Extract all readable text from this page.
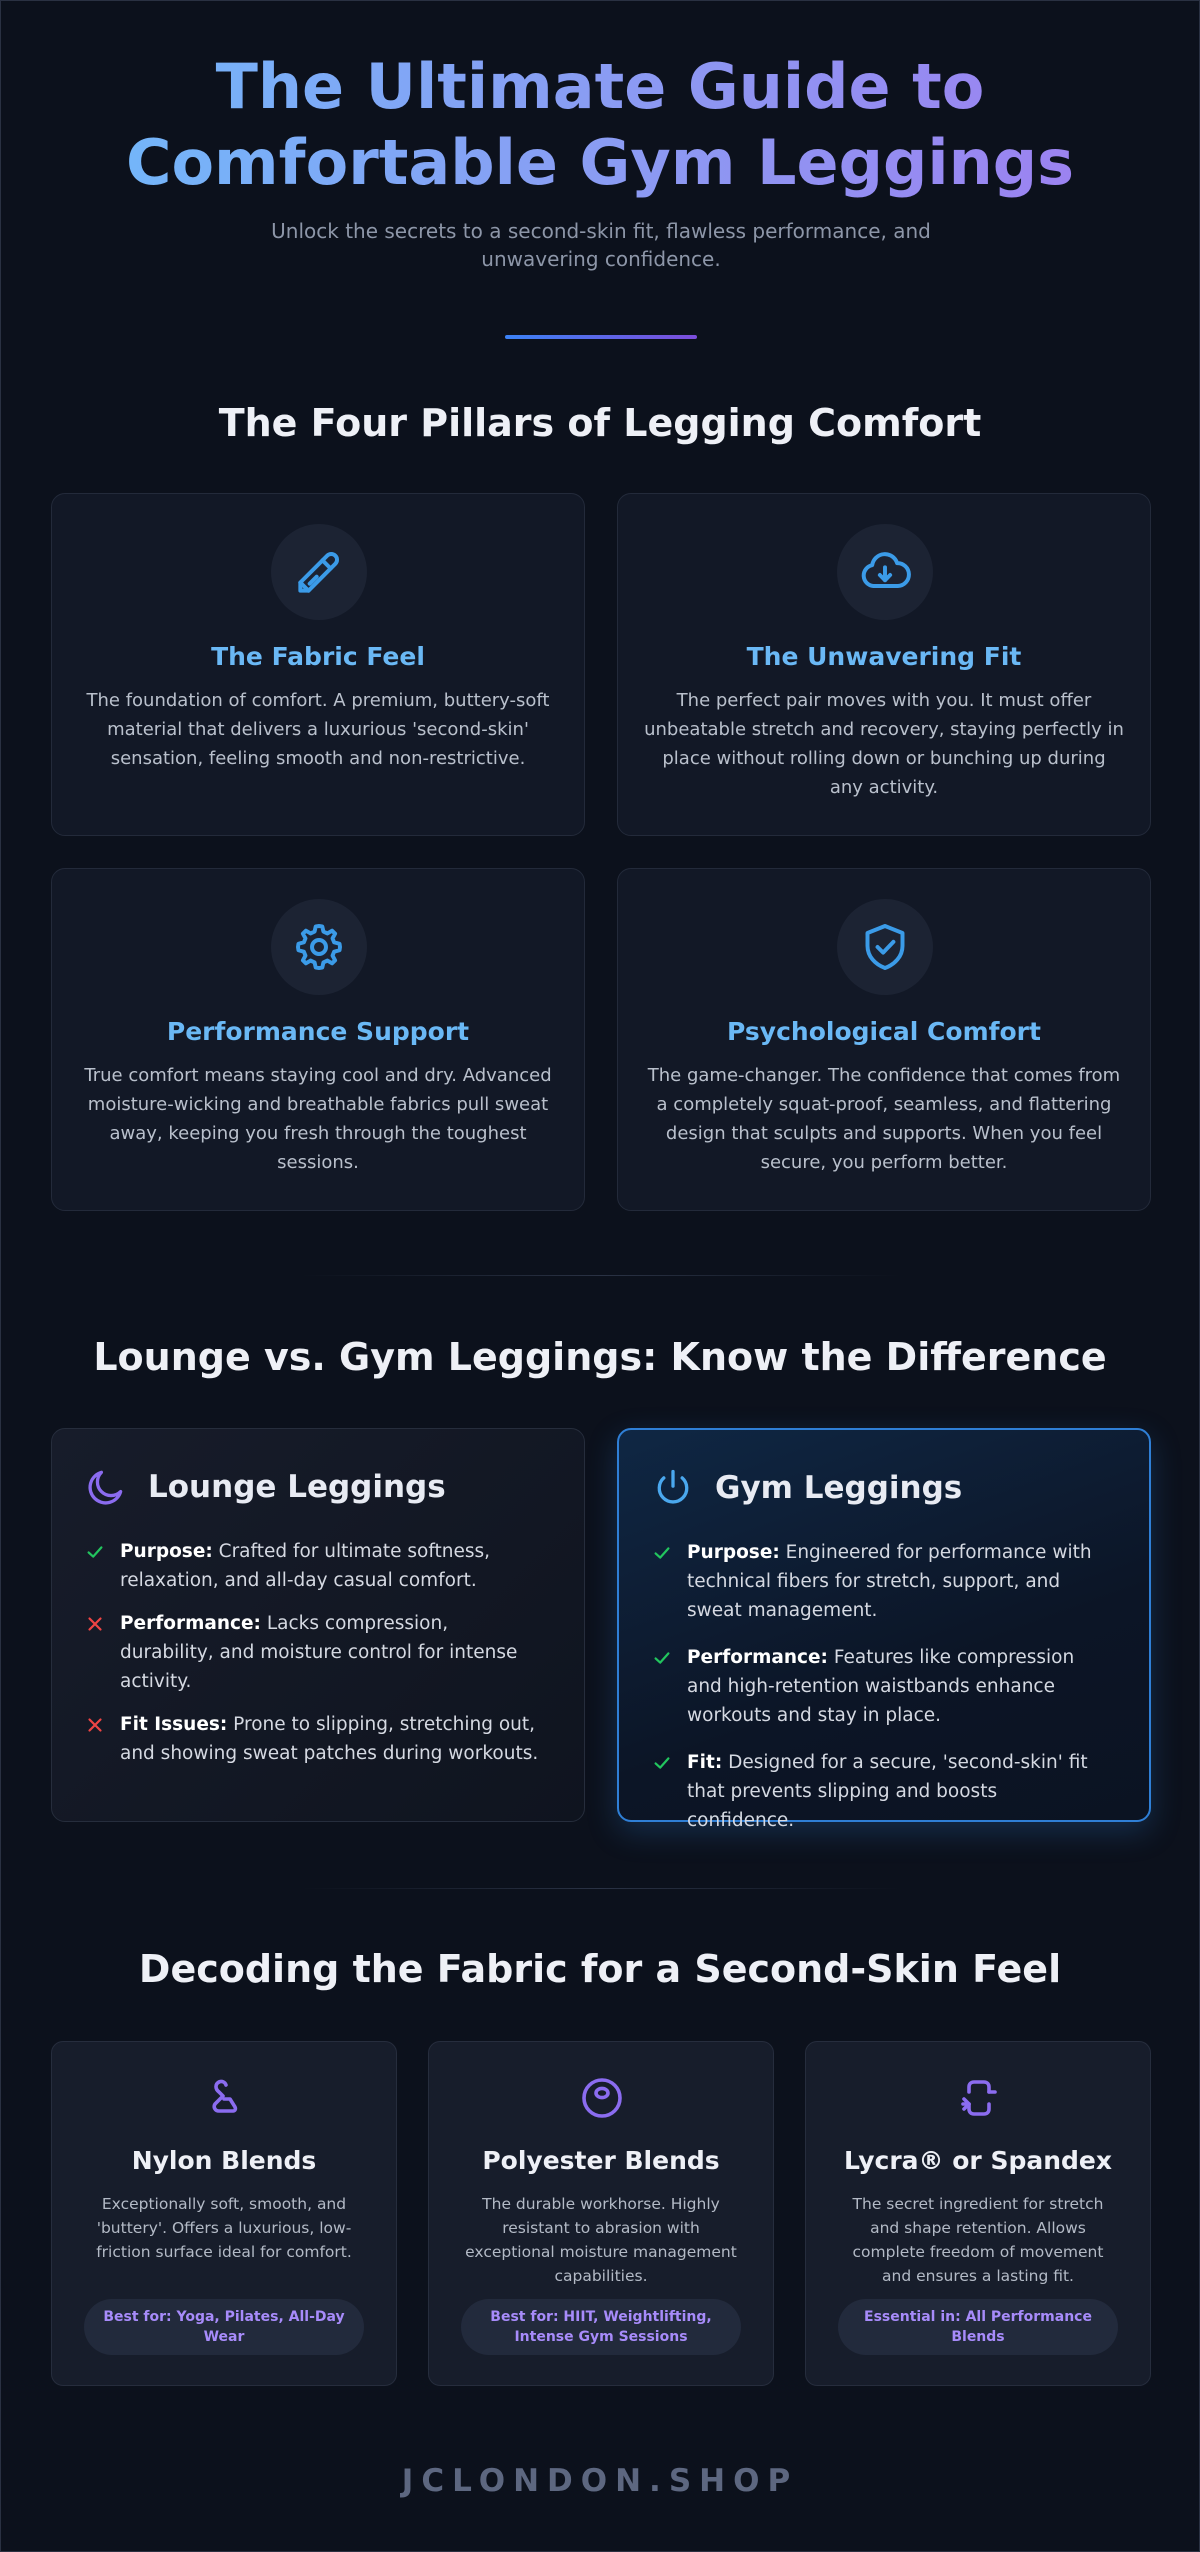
The Ultimate Guide to
Comfortable Gym Leggings

Unlock the secrets to a second-skin fit, flawless performance, and unwavering confidence.

The Four Pillars of Legging Comfort
The Fabric Feel
The foundation of comfort. A premium, buttery-soft material that delivers a luxurious 'second-skin' sensation, feeling smooth and non-restrictive.
The Unwavering Fit
The perfect pair moves with you. It must offer unbeatable stretch and recovery, staying perfectly in place without rolling down or bunching up during any activity.
Performance Support
True comfort means staying cool and dry. Advanced moisture-wicking and breathable fabrics pull sweat away, keeping you fresh through the toughest sessions.
Psychological Comfort
The game-changer. The confidence that comes from a completely squat-proof, seamless, and flattering design that sculpts and supports. When you feel secure, you perform better.
Lounge vs. Gym Leggings: Know the Difference
Lounge Leggings
Purpose: Crafted for ultimate softness, relaxation, and all-day casual comfort.
Performance: Lacks compression, durability, and moisture control for intense activity.
Fit Issues: Prone to slipping, stretching out, and showing sweat patches during workouts.
Gym Leggings
Purpose: Engineered for performance with technical fibers for stretch, support, and sweat management.
Performance: Features like compression and high-retention waistbands enhance workouts and stay in place.
Fit: Designed for a secure, 'second-skin' fit that prevents slipping and boosts confidence.
Decoding the Fabric for a Second-Skin Feel
Nylon Blends
Exceptionally soft, smooth, and 'buttery'. Offers a luxurious, low-friction surface ideal for comfort.
Best for: Yoga, Pilates, All-Day Wear
Polyester Blends
The durable workhorse. Highly resistant to abrasion with exceptional moisture management capabilities.
Best for: HIIT, Weightlifting, Intense Gym Sessions
Lycra® or Spandex
The secret ingredient for stretch and shape retention. Allows complete freedom of movement and ensures a lasting fit.
Essential in: All Performance Blends
JCLONDON.SHOP
